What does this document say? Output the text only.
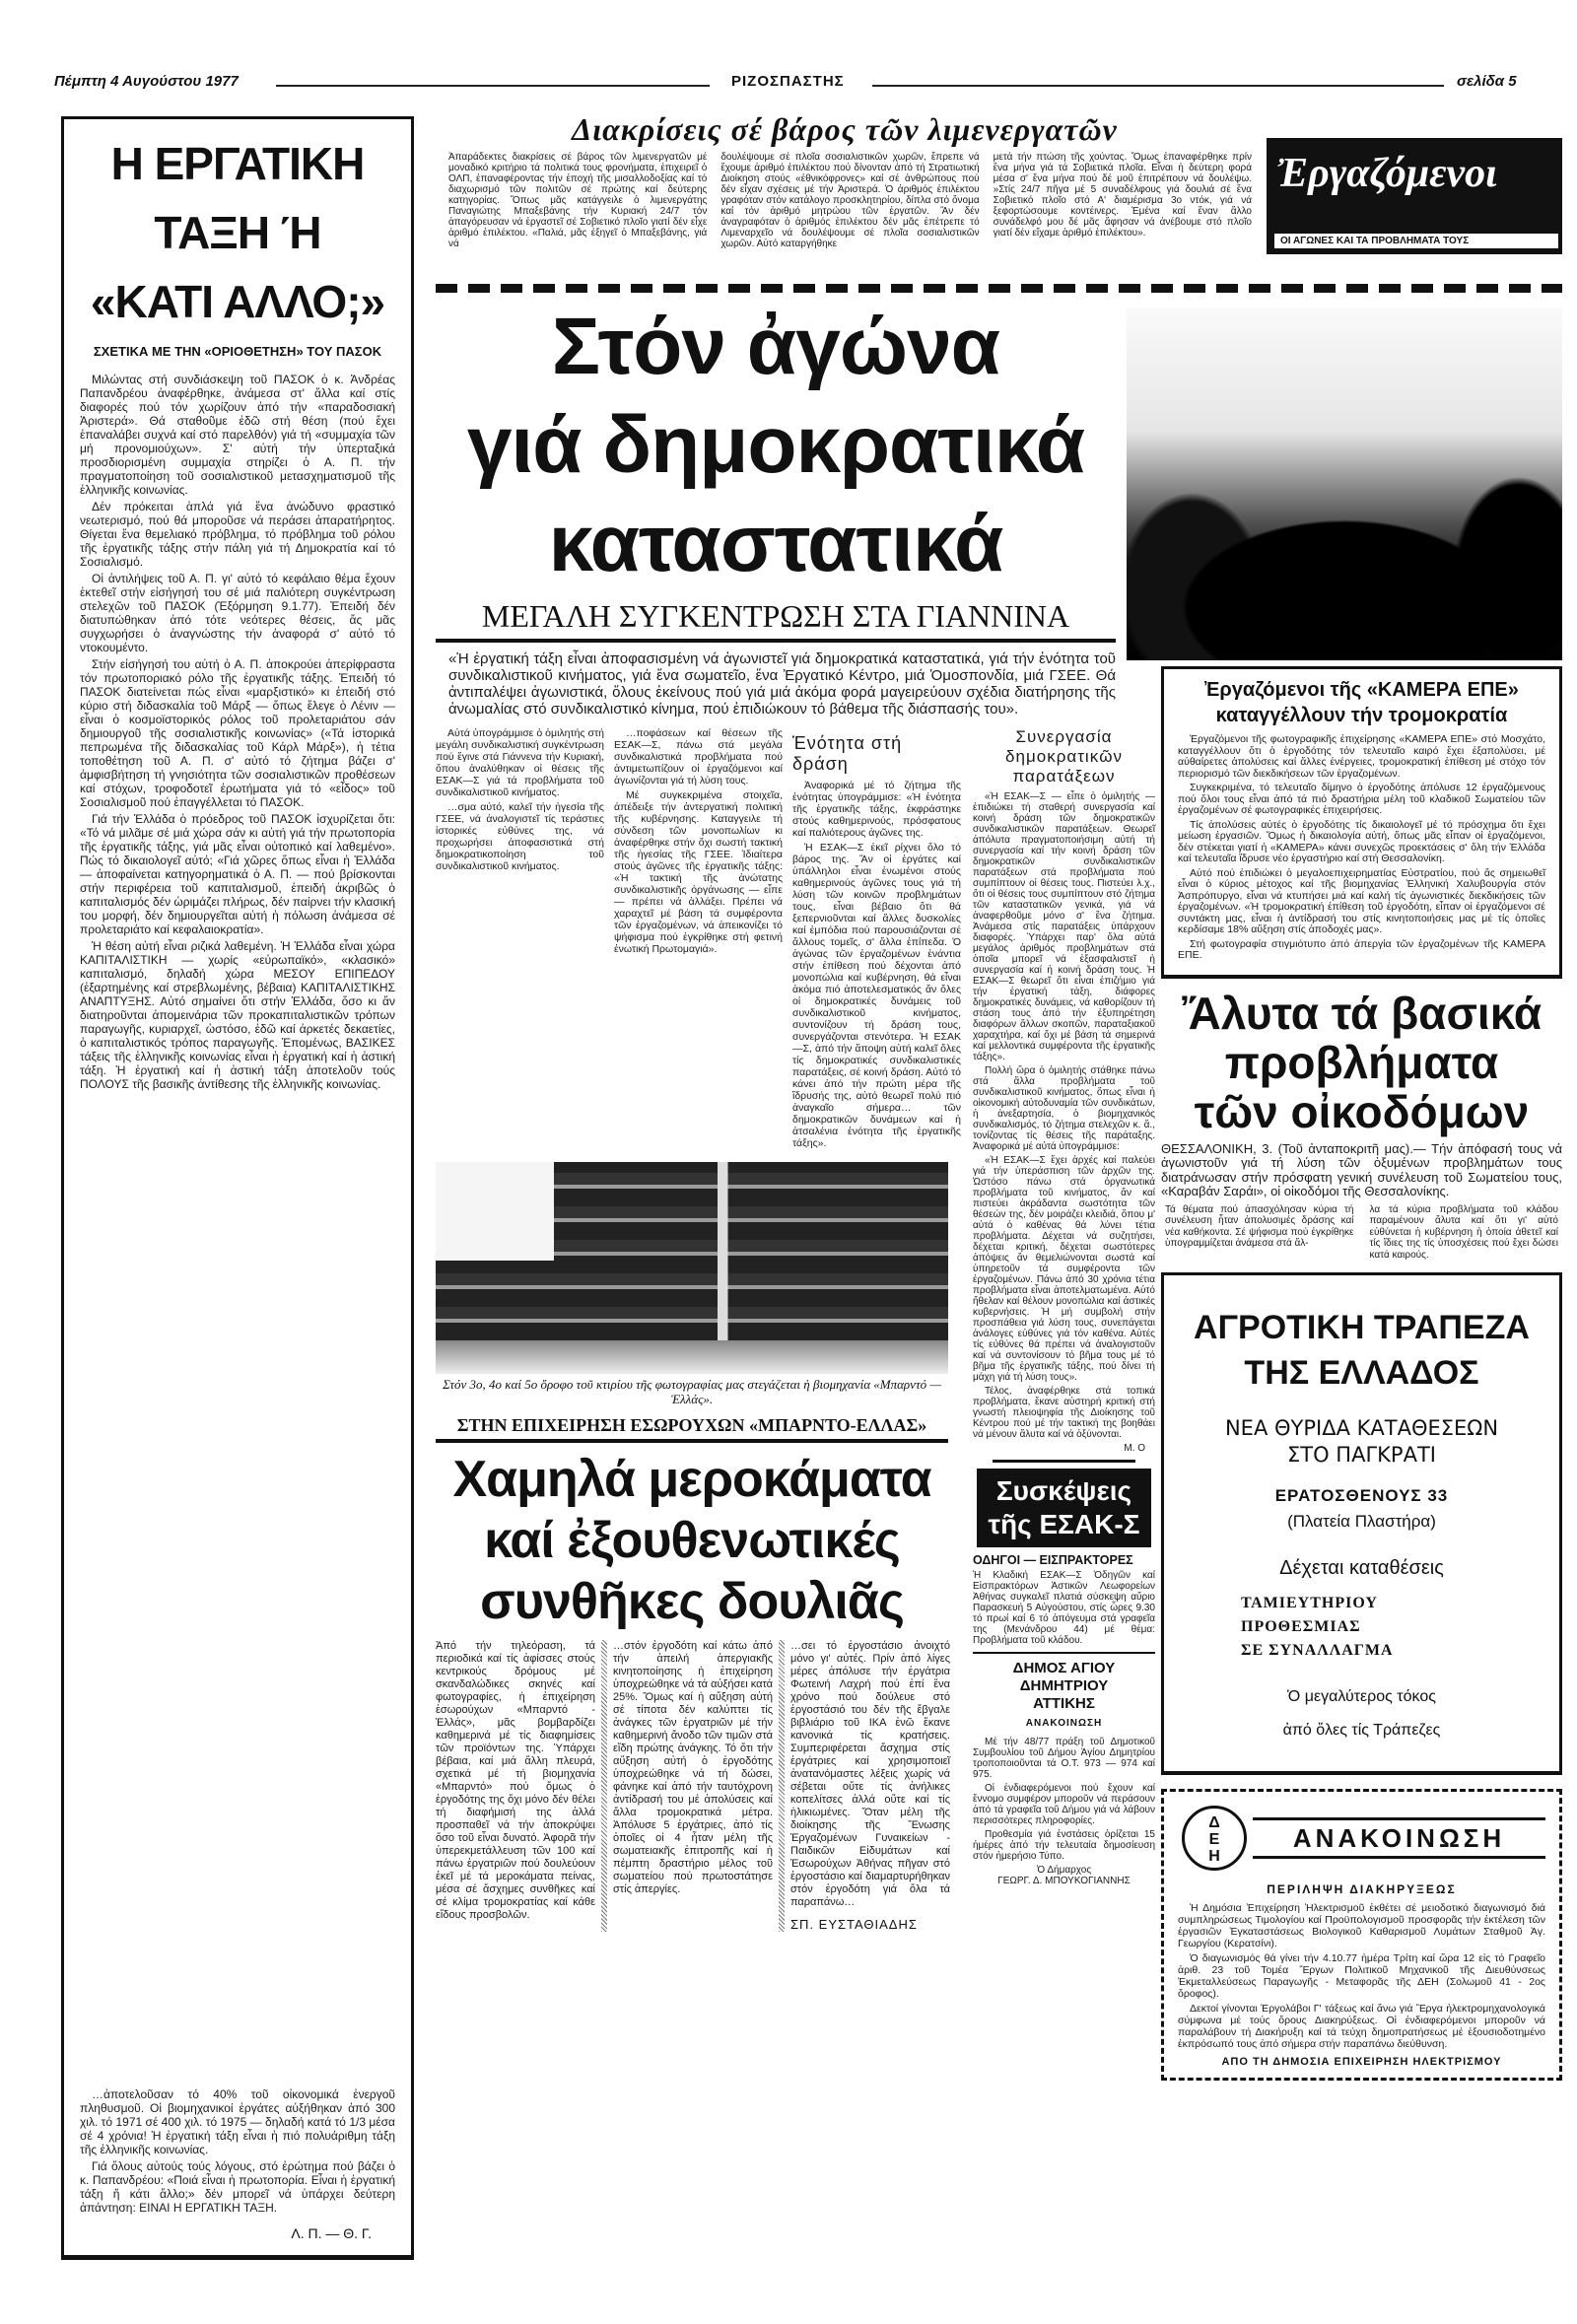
Πέμπτη 4 Αυγούστου 1977	ΡΙΖΟΣΠΑΣΤΗΣ	σελίδα 5
Η ΕΡΓΑΤΙΚΗ
ΤΑΞΗ Ή
«ΚΑΤΙ ΑΛΛΟ;»
ΣΧΕΤΙΚΑ ΜΕ ΤΗΝ «ΟΡΙΟΘΕΤΗΣΗ» ΤΟΥ ΠΑΣΟΚ

Μιλώντας στή συνδιάσκεψη τοῦ ΠΑΣΟΚ ὁ κ. Ἀνδρέας Παπανδρέου ἀναφέρθηκε, ἀνάμεσα στ' ἄλλα καί στίς διαφορές πού τόν χωρίζουν ἀπό τήν «παραδοσιακή Ἀριστερά». Θά σταθοῦμε ἐδῶ στή θέση (πού ἔχει ἐπαναλάβει συχνά καί στό παρελθόν) γιά τή «συμμαχία τῶν μή προνομιούχων». Σ' αὐτή τήν ὑπερταξικά προσδιορισμένη συμμαχία στηρίζει ὁ Α. Π. τήν πραγματοποίηση τοῦ σοσιαλιστικοῦ μετασχηματισμοῦ τῆς ἑλληνικῆς κοινωνίας.

Δέν πρόκειται ἁπλά γιά ἕνα ἀνώδυνο φραστικό νεωτερισμό, πού θά μποροῦσε νά περάσει ἀπαρατήρητος. Θίγεται ἕνα θεμελιακό πρόβλημα, τό πρόβλημα τοῦ ρόλου τῆς ἐργατικῆς τάξης στήν πάλη γιά τή Δημοκρατία καί τό Σοσιαλισμό.

Οἱ ἀντιλήψεις τοῦ Α. Π. γι' αὐτό τό κεφάλαιο θέμα ἔχουν ἐκτεθεῖ στήν εἰσήγησή του σέ μιά παλιότερη συγκέντρωση στελεχῶν τοῦ ΠΑΣΟΚ (Ἑξόρμηση 9.1.77). Ἐπειδή δέν διατυπώθηκαν ἀπό τότε νεότερες θέσεις, ἄς μᾶς συγχωρήσει ὁ ἀναγνώστης τήν ἀναφορά σ' αὐτό τό ντοκουμέντο.

Στήν εἰσήγησή του αὐτή ὁ Α. Π. ἀποκρούει ἀπερίφραστα τόν πρωτοποριακό ρόλο τῆς ἐργατικῆς τάξης. Ἐπειδή τό ΠΑΣΟΚ διατείνεται πώς εἶναι «μαρξιστικό» κι ἐπειδή στό κύριο στή διδασκαλία τοῦ Μάρξ — ὅπως ἔλεγε ὁ Λένιν — εἶναι ὁ κοσμοϊστορικός ρόλος τοῦ προλεταριάτου σάν δημιουργοῦ τῆς σοσιαλιστικῆς κοινωνίας» («Τά ἱστορικά πεπρωμένα τῆς διδασκαλίας τοῦ Κάρλ Μάρξ»), ἡ τέτια τοποθέτηση τοῦ Α. Π. σ' αὐτό τό ζήτημα βάζει σ' ἀμφισβήτηση τή γνησιότητα τῶν σοσιαλιστικῶν προθέσεων καί στόχων, τροφοδοτεῖ ἐρωτήματα γιά τό «εἶδος» τοῦ Σοσιαλισμοῦ πού ἐπαγγέλλεται τό ΠΑΣΟΚ.

Γιά τήν Ἑλλάδα ὁ πρόεδρος τοῦ ΠΑΣΟΚ ἰσχυρίζεται ὅτι: «Τό νά μιλᾶμε σέ μιά χώρα σάν κι αὐτή γιά τήν πρωτοπορία τῆς ἐργατικῆς τάξης, γιά μᾶς εἶναι οὐτοπικό καί λαθεμένο». Πώς τό δικαιολογεῖ αὐτό; «Γιά χῶρες ὅπως εἶναι ἡ Ἑλλάδα — ἀποφαίνεται κατηγορηματικά ὁ Α. Π. — πού βρίσκονται στήν περιφέρεια τοῦ καπιταλισμοῦ, ἐπειδή ἀκριβῶς ὁ καπιταλισμός δέν ὡριμάζει πλήρως, δέν παίρνει τήν κλασική του μορφή, δέν δημιουργεῖται αὐτή ἡ πόλωση ἀνάμεσα σέ προλεταριάτο καί κεφαλαιοκρατία».

Ἡ θέση αὐτή εἶναι ριζικά λαθεμένη. Ἡ Ἑλλάδα εἶναι χώρα ΚΑΠΙΤΑΛΙΣΤΙΚΗ — χωρίς «εὐρωπαϊκό», «κλασικό» καπιταλισμό, δηλαδή χώρα ΜΕΣΟΥ ΕΠΙΠΕΔΟΥ (ἐξαρτημένης καί στρεβλωμένης, βέβαια) ΚΑΠΙΤΑΛΙΣΤΙΚΗΣ ΑΝΑΠΤΥΞΗΣ. Αὐτό σημαίνει ὅτι στήν Ἑλλάδα, ὅσο κι ἄν διατηροῦνται ἀπομεινάρια τῶν προκαπιταλιστικῶν τρόπων παραγωγῆς, κυριαρχεῖ, ὡστόσο, ἐδῶ καί ἀρκετές δεκαετίες, ὁ καπιταλιστικός τρόπος παραγωγῆς. Ἑπομένως, ΒΑΣΙΚΕΣ τάξεις τῆς ἑλληνικῆς κοινωνίας εἶναι ἡ ἐργατική καί ἡ ἀστική τάξη. Ἡ ἐργατική καί ἡ ἀστική τάξη ἀποτελοῦν τούς ΠΟΛΟΥΣ τῆς βασικῆς ἀντίθεσης τῆς ἑλληνικῆς κοινωνίας.

…ἀποτελοῦσαν τό 40% τοῦ οἰκονομικά ἐνεργοῦ πληθυσμοῦ. Οἱ βιομηχανικοί ἐργάτες αὐξήθηκαν ἀπό 300 χιλ. τό 1971 σέ 400 χιλ. τό 1975 — δηλαδή κατά τό 1/3 μέσα σέ 4 χρόνια! Ἡ ἐργατική τάξη εἶναι ἡ πιό πολυάριθμη τάξη τῆς ἑλληνικῆς κοινωνίας.

Γιά ὅλους αὐτούς τούς λόγους, στό ἐρώτημα πού βάζει ὁ κ. Παπανδρέου: «Ποιά εἶναι ἡ πρωτοπορία. Εἶναι ἡ ἐργατική τάξη ἤ κάτι ἄλλο;» δέν μπορεῖ νά ὑπάρχει δεύτερη ἀπάντηση: ΕΙΝΑΙ Η ΕΡΓΑΤΙΚΗ ΤΑΞΗ.

Λ. Π. — Θ. Γ.
Διακρίσεις σέ βάρος τῶν λιμενεργατῶν
Ἀπαράδεκτες διακρίσεις σέ βάρος τῶν λιμενεργατῶν μέ μοναδικό κριτήριο τά πολιτικά τους φρονήματα, ἐπιχειρεῖ ὁ ΟΛΠ, ἐπαναφέροντας τήν ἐποχή τῆς μισαλλοδοξίας καί τό διαχωρισμό τῶν πολιτῶν σέ πρώτης καί δεύτερης κατηγορίας. Ὅπως μᾶς κατάγγειλε ὁ λιμενεργάτης Παναγιώτης Μπαξεβάνης τήν Κυριακή 24/7 τόν ἀπαγόρευσαν νά ἐργαστεῖ σέ Σοβιετικό πλοῖο γιατί δέν εἶχε ἀριθμό ἐπιλέκτου. «Παλιά, μᾶς ἐξηγεῖ ὁ Μπαξεβάνης, γιά νά
δουλέψουμε σέ πλοῖα σοσιαλιστικῶν χωρῶν, ἔπρεπε νά ἔχουμε ἀριθμό ἐπιλέκτου πού δίνονταν ἀπό τή Στρατιωτική Διοίκηση στούς «ἐθνικόφρονες» καί σέ ἀνθρώπους πού δέν εἶχαν σχέσεις μέ τήν Ἀριστερά. Ὁ ἀριθμός ἐπιλέκτου γραφόταν στόν κατάλογο προσκλητηρίου, δίπλα στό ὄνομα καί τόν ἀριθμό μητρώου τῶν ἐργατῶν. Ἄν δέν ἀναγραφόταν ὁ ἀριθμός ἐπιλέκτου δέν μᾶς ἐπέτρεπε τό Λιμεναρχεῖο νά δουλέψουμε σέ πλοῖα σοσιαλιστικῶν χωρῶν. Αὐτό καταργήθηκε
μετά τήν πτώση τῆς χούντας. Ὅμως ἐπαναφέρθηκε πρίν ἕνα μήνα γιά τά Σοβιετικά πλοῖα. Εἶναι ἡ δεύτερη φορά μέσα σ' ἕνα μήνα πού δέ μοῦ ἐπιτρέπουν νά δουλέψω. »Στίς 24/7 πῆγα μέ 5 συναδέλφους γιά δουλιά σέ ἕνα Σοβιετικό πλοῖο στό Α' διαμέρισμα 3ο ντόκ, γιά νά ξεφορτώσουμε κοντέινερς. Ἐμένα καί ἕναν ἄλλο συνάδελφό μου δέ μᾶς ἄφησαν νά ἀνέβουμε στό πλοῖο γιατί δέν εἴχαμε ἀριθμό ἐπιλέκτου».
Ἐργαζόμενοι
ΟΙ ΑΓΩΝΕΣ ΚΑΙ ΤΑ ΠΡΟΒΛΗΜΑΤΑ ΤΟΥΣ
Στόν ἀγώνα
γιά δημοκρατικά
καταστατικά
ΜΕΓΑΛΗ ΣΥΓΚΕΝΤΡΩΣΗ ΣΤΑ ΓΙΑΝΝΙΝΑ
«Ἡ ἐργατική τάξη εἶναι ἀποφασισμένη νά ἀγωνιστεῖ γιά δημοκρατικά καταστατικά, γιά τήν ἑνότητα τοῦ συνδικαλιστικοῦ κινήματος, γιά ἕνα σωματεῖο, ἕνα Ἐργατικό Κέντρο, μιά Ὁμοσπονδία, μιά ΓΣΕΕ. Θά ἀντιπαλέψει ἀγωνιστικά, ὅλους ἐκείνους πού γιά μιά ἀκόμα φορά μαγειρεύουν σχέδια διατήρησης τῆς ἀνωμαλίας στό συνδικαλιστικό κίνημα, πού ἐπιδιώκουν τό βάθεμα τῆς διάσπασής του».

Αὐτά ὑπογράμμισε ὁ ὁμιλητής στή μεγάλη συνδικαλιστική συγκέντρωση πού ἔγινε στά Γιάννενα τήν Κυριακή, ὅπου ἀναλύθηκαν οἱ θέσεις τῆς ΕΣΑΚ—Σ γιά τά προβλήματα τοῦ συνδικαλιστικοῦ κινήματος.

…σμα αὐτό, καλεῖ τήν ἡγεσία τῆς ΓΣΕΕ, νά ἀναλογιστεῖ τίς τεράστιες ἱστορικές εὐθύνες της, νά προχωρήσει ἀποφασιστικά στή δημοκρατικοποίηση τοῦ συνδικαλιστικοῦ κινήματος.

…ποφάσεων καί θέσεων τῆς ΕΣΑΚ—Σ, πάνω στά μεγάλα συνδικαλιστικά προβλήματα πού ἀντιμετωπίζουν οἱ ἐργαζόμενοι καί ἀγωνίζονται γιά τή λύση τους.

Μέ συγκεκριμένα στοιχεῖα, ἀπέδειξε τήν ἀντεργατική πολιτική τῆς κυβέρνησης. Καταγγειλε τή σύνδεση τῶν μονοπωλίων κι ἀναφέρθηκε στήν ὄχι σωστή τακτική τῆς ἡγεσίας τῆς ΓΣΕΕ. Ἰδιαίτερα στούς ἀγῶνες τῆς ἐργατικῆς τάξης: «Ἡ τακτική τῆς ἀνώτατης συνδικαλιστικῆς ὀργάνωσης — εἶπε — πρέπει νά ἀλλάξει. Πρέπει νά χαραχτεῖ μέ βάση τά συμφέροντα τῶν ἐργαζομένων, νά ἀπεικονίζει τό ψήφισμα πού ἐγκρίθηκε στή φετινή ἑνωτική Πρωτομαγιά».

Ἑνότητα στή δράση

Ἀναφορικά μέ τό ζήτημα τῆς ἑνότητας ὑπογράμμισε: «Ἡ ἑνότητα τῆς ἐργατικῆς τάξης, ἐκφράστηκε στούς καθημερινούς, πρόσφατους καί παλιότερους ἀγῶνες της.

Ἡ ΕΣΑΚ—Σ ἐκεῖ ρίχνει ὅλο τό βάρος της. Ἄν οἱ ἐργάτες καί ὑπάλληλοι εἶναι ἑνωμένοι στούς καθημερινούς ἀγῶνες τους γιά τή λύση τῶν κοινῶν προβλημάτων τους, εἶναι βέβαιο ὅτι θά ξεπερνιοῦνται καί ἄλλες δυσκολίες καί ἐμπόδια πού παρουσιάζονται σέ ἄλλους τομεῖς, σ' ἄλλα ἐπίπεδα. Ὁ ἀγώνας τῶν ἐργαζομένων ἐνάντια στήν ἐπίθεση πού δέχονται ἀπό μονοπώλια καί κυβέρνηση, θά εἶναι ἀκόμα πιό ἀποτελεσματικός ἄν ὅλες οἱ δημοκρατικές δυνάμεις τοῦ συνδικαλιστικοῦ κινήματος, συντονίζουν τή δράση τους, συνεργάζονται στενότερα. Ἡ ΕΣΑΚ—Σ, ἀπό τήν ἄποψη αὐτή καλεῖ ὅλες τίς δημοκρατικές συνδικαλιστικές παρατάξεις, σέ κοινή δράση. Αὐτό τό κάνει ἀπό τήν πρώτη μέρα τῆς ἵδρυσής της, αὐτό θεωρεῖ πολύ πιό ἀναγκαῖο σήμερα… τῶν δημοκρατικῶν δυνάμεων καί ἡ ἀτσαλένια ἑνότητα τῆς ἐργατικῆς τάξης».

Στόν 3ο, 4ο καί 5ο ὄροφο τοῦ κτιρίου τῆς φωτογραφίας μας στεγάζεται ἡ βιομηχανία «Μπαρντό — Ἑλλάς».
ΣΤΗΝ ΕΠΙΧΕΙΡΗΣΗ ΕΣΩΡΟΥΧΩΝ «ΜΠΑΡΝΤΟ-ΕΛΛΑΣ»
Χαμηλά μεροκάματα
καί ἐξουθενωτικές
συνθῆκες δουλιᾶς
Ἀπό τήν τηλεόραση, τά περιοδικά καί τίς ἀφίσσες στούς κεντρικούς δρόμους μέ σκανδαλώδικες σκηνές καί φωτογραφίες, ἡ ἐπιχείρηση ἐσωρούχων «Μπαρντό - Ἑλλάς», μᾶς βομβαρδίζει καθημερινά μέ τίς διαφημίσεις τῶν προϊόντων της. Ὑπάρχει βέβαια, καί μιά ἄλλη πλευρά, σχετικά μέ τή βιομηχανία «Μπαρντό» πού ὅμως ὁ ἐργοδότης της ὄχι μόνο δέν θέλει τή διαφήμισή της ἀλλά προσπαθεῖ νά τήν ἀποκρύψει ὅσο τοῦ εἶναι δυνατό. Ἀφορᾶ τήν ὑπερεκμετάλλευση τῶν 100 καί πάνω ἐργατριῶν πού δουλεύουν ἐκεῖ μέ τά μεροκάματα πείνας, μέσα σέ ἄσχημες συνθῆκες καί σέ κλίμα τρομοκρατίας καί κάθε εἴδους προσβολῶν.
…στόν ἐργοδότη καί κάτω ἀπό τήν ἀπειλή ἀπεργιακῆς κινητοποίησης ἡ ἐπιχείρηση ὑποχρεώθηκε νά τά αὐξήσει κατά 25%. Ὅμως καί ἡ αὔξηση αὐτή σέ τίποτα δέν καλύπτει τίς ἀνάγκες τῶν ἐργατριῶν μέ τήν καθημερινή ἄνοδο τῶν τιμῶν στά εἴδη πρώτης ἀνάγκης. Τό ὅτι τήν αὔξηση αὐτή ὁ ἐργοδότης ὑποχρεώθηκε νά τή δώσει, φάνηκε καί ἀπό τήν ταυτόχρονη ἀντίδρασή του μέ ἀπολύσεις καί ἄλλα τρομοκρατικά μέτρα. Ἀπόλυσε 5 ἐργάτριες, ἀπό τίς ὁποῖες οἱ 4 ἦταν μέλη τῆς σωματειακῆς ἐπιτροπῆς καί ἡ πέμπτη δραστήριο μέλος τοῦ σωματείου πού πρωτοστάτησε στίς ἀπεργίες.
…σει τό ἐργοστάσιο ἀνοιχτό μόνο γι' αὐτές. Πρίν ἀπό λίγες μέρες ἀπόλυσε τήν ἐργάτρια Φωτεινή Λαχρή πού ἐπί ἕνα χρόνο πού δούλευε στό ἐργοστάσιό του δέν τῆς ἔβγαλε βιβλιάριο τοῦ ΙΚΑ ἐνῶ ἔκανε κανονικά τίς κρατήσεις. Συμπεριφέρεται ἄσχημα στίς ἐργάτριες καί χρησιμοποιεῖ ἀνατανόμαστες λέξεις χωρίς νά σέβεται οὔτε τίς ἀνήλικες κοπελίτσες ἀλλά οὔτε καί τίς ἡλικιωμένες. Ὅταν μέλη τῆς διοίκησης τῆς Ἕνωσης Ἐργαζομένων Γυναικείων - Παιδικῶν Εἰδυμάτων καί Ἐσωρούχων Ἀθήνας πῆγαν στό ἐργοστάσιο καί διαμαρτυρήθηκαν στόν ἐργοδότη γιά ὅλα τά παραπάνω…
ΣΠ. ΕΥΣΤΑΘΙΑΔΗΣ
Συνεργασία δημοκρατικῶν παρατάξεων

«Ἡ ΕΣΑΚ—Σ — εἶπε ὁ ὁμιλητής — ἐπιδιώκει τή σταθερή συνεργασία καί κοινή δράση τῶν δημοκρατικῶν συνδικαλιστικῶν παρατάξεων. Θεωρεῖ ἀπόλυτα πραγματοποιήσιμη αὐτή τή συνεργασία καί τήν κοινή δράση τῶν δημοκρατικῶν συνδικαλιστικῶν παρατάξεων στά προβλήματα πού συμπίπτουν οἱ θέσεις τους. Πιστεύει λ.χ., ὅτι οἱ θέσεις τους συμπίπτουν στό ζήτημα τῶν καταστατικῶν γενικά, γιά νά ἀναφερθοῦμε μόνο σ' ἕνα ζήτημα. Ἀνάμεσα στίς παρατάξεις ὑπάρχουν διαφορές. Ὑπάρχει παρ' ὅλα αὐτά μεγάλος ἀριθμός προβλημάτων στά ὁποῖα μπορεῖ νά ἐξασφαλιστεῖ ἡ συνεργασία καί ἡ κοινή δράση τους. Ἡ ΕΣΑΚ—Σ θεωρεῖ ὅτι εἶναι ἐπιζήμιο γιά τήν ἐργατική τάξη, διάφορες δημοκρατικές δυνάμεις, νά καθορίζουν τή στάση τους ἀπό τήν ἐξυπηρέτηση διαφόρων ἄλλων σκοπῶν, παραταξιακοῦ χαραχτήρα, καί ὄχι μέ βάση τά σημερινά καί μελλοντικά συμφέροντα τῆς ἐργατικῆς τάξης».

Πολλή ὥρα ὁ ὁμιλητής στάθηκε πάνω στά ἄλλα προβλήματα τοῦ συνδικαλιστικοῦ κινήματος, ὅπως εἶναι ἡ οἰκονομική αὐτοδυναμία τῶν συνδικάτων, ἡ ἀνεξαρτησία, ὁ βιομηχανικός συνδικαλισμός, τό ζήτημα στελεχῶν κ. ἄ., τονίζοντας τίς θέσεις τῆς παράταξης. Ἀναφορικά μέ αὐτά ὑπογράμμισε:

«Ἡ ΕΣΑΚ—Σ ἔχει ἀρχές καί παλεύει γιά τήν ὑπεράσπιση τῶν ἀρχῶν της. Ὡστόσο πάνω στά ὀργανωτικά προβλήματα τοῦ κινήματος, ἄν καί πιστεύει ἀκράδαντα σωστότητα τῶν θέσεών της, δέν μοιράζει κλειδιά, ὅπου μ' αὐτά ὁ καθένας θά λύνει τέτια προβλήματα. Δέχεται νά συζητήσει, δέχεται κριτική, δέχεται σωστότερες ἀπόψεις ἄν θεμελιώνονται σωστά καί ὑπηρετοῦν τά συμφέροντα τῶν ἐργαζομένων. Πάνω ἀπό 30 χρόνια τέτια προβλήματα εἶναι ἀποτελματωμένα. Αὐτό ἤθελαν καί θέλουν μονοπώλια καί ἀστικές κυβερνήσεις. Ἡ μή συμβολή στήν προσπάθεια γιά λύση τους, συνεπάγεται ἀνάλογες εὐθύνες γιά τόν καθένα. Αὐτές τίς εὐθύνες θά πρέπει νά ἀναλογιστοῦν καί νά συντονίσουν τό βῆμα τους μέ τό βῆμα τῆς ἐργατικῆς τάξης, πού δίνει τή μάχη γιά τή λύση τους».

Τέλος, ἀναφέρθηκε στά τοπικά προβλήματα, ἔκανε αὐστηρή κριτική στή γνωστή πλειοψηφία τῆς Διοίκησης τοῦ Κέντρου πού μέ τήν τακτική της βοηθάει νά μένουν ἄλυτα καί νά ὀξύνονται.

Μ. Ο
Συσκέψεις
τῆς ΕΣΑΚ-Σ
ΟΔΗΓΟΙ — ΕΙΣΠΡΑΚΤΟΡΕΣ
Ἡ Κλαδική ΕΣΑΚ—Σ Ὁδηγῶν καί Εἰσπρακτόρων Ἀστικῶν Λεωφορείων Ἀθήνας συγκαλεῖ πλατιά σύσκεψη αὔριο Παρασκευή 5 Αὐγούστου, στίς ὧρες 9.30 τό πρωί καί 6 τό ἀπόγευμα στά γραφεῖα της (Μενάνδρου 44) μέ θέμα: Προβλήματα τοῦ κλάδου.
ΔΗΜΟΣ ΑΓΙΟΥ ΔΗΜΗΤΡΙΟΥ
ΑΤΤΙΚΗΣ
ΑΝΑΚΟΙΝΩΣΗ

Μέ τήν 48/77 πράξη τοῦ Δημοτικοῦ Συμβουλίου τοῦ Δήμου Ἁγίου Δημητρίου τροποποιοῦνται τά Ο.Τ. 973 — 974 καί 975.

Οἱ ἐνδιαφερόμενοι πού ἔχουν καί ἔννομο συμφέρον μποροῦν νά περάσουν ἀπό τά γραφεῖα τοῦ Δήμου γιά νά λάβουν περισσότερες πληροφορίες.

Προθεσμία γιά ἐνστάσεις ὁρίζεται 15 ἡμέρες ἀπό τήν τελευταία δημοσίευση στόν ἡμερήσιο Τύπο.

Ὁ Δήμαρχος
ΓΕΩΡΓ. Δ. ΜΠΟΥΚΟΓΙΑΝΝΗΣ
Ἐργαζόμενοι τῆς «ΚΑΜΕΡΑ ΕΠΕ»
καταγγέλλουν τήν τρομοκρατία

Ἐργαζόμενοι τῆς φωτογραφικῆς ἐπιχείρησης «ΚΑΜΕΡΑ ΕΠΕ» στό Μοσχάτο, καταγγέλλουν ὅτι ὁ ἐργοδότης τόν τελευταῖο καιρό ἔχει ἐξαπολύσει, μέ αὐθαίρετες ἀπολύσεις καί ἄλλες ἐνέργειες, τρομοκρατική ἐπίθεση μέ στόχο τόν περιορισμό τῶν διεκδικήσεων τῶν ἐργαζομένων.

Συγκεκριμένα, τό τελευταῖο δίμηνο ὁ ἐργοδότης ἀπόλυσε 12 ἐργαζόμενους πού ὅλοι τους εἶναι ἀπό τά πιό δραστήρια μέλη τοῦ κλαδικοῦ Σωματείου τῶν ἐργαζομένων σέ φωτογραφικές ἐπιχειρήσεις.

Τίς ἀπολύσεις αὐτές ὁ ἐργοδότης τίς δικαιολογεῖ μέ τό πρόσχημα ὅτι ἔχει μείωση ἐργασιῶν. Ὅμως ἡ δικαιολογία αὐτή, ὅπως μᾶς εἶπαν οἱ ἐργαζόμενοι, δέν στέκεται γιατί ἡ «ΚΑΜΕΡΑ» κάνει συνεχῶς προεκτάσεις σ' ὅλη τήν Ἑλλάδα καί τελευταῖα ἵδρυσε νέο ἐργαστήριο καί στή Θεσσαλονίκη.

Αὐτό πού ἐπιδιώκει ὁ μεγαλοεπιχειρηματίας Εὐστρατίου, πού ἄς σημειωθεῖ εἶναι ὁ κύριος μέτοχος καί τῆς βιομηχανίας Ἑλληνική Χαλυβουργία στόν Ἀσπρόπυργο, εἶναι νά κτυπήσει μιά καί καλή τίς ἀγωνιστικές διεκδικήσεις τῶν ἐργαζομένων. «Ἡ τρομοκρατική ἐπίθεση τοῦ ἐργοδότη, εἶπαν οἱ ἐργαζόμενοι σέ συντάκτη μας, εἶναι ἡ ἀντίδρασή του στίς κινητοποιήσεις μας μέ τίς ὁποῖες κερδίσαμε 18% αὔξηση στίς ἀποδοχές μας».

Στή φωτογραφία στιγμιότυπο ἀπό ἀπεργία τῶν ἐργαζομένων τῆς ΚΑΜΕΡΑ ΕΠΕ.

Ἄλυτα τά βασικά
προβλήματα
τῶν οἰκοδόμων
ΘΕΣΣΑΛΟΝΙΚΗ, 3. (Τοῦ ἀνταποκριτῆ μας).— Τήν ἀπόφασή τους νά ἀγωνιστοῦν γιά τή λύση τῶν ὀξυμένων προβλημάτων τους διατράνωσαν στήν πρόσφατη γενική συνέλευση τοῦ Σωματείου τους, «Καραβάν Σαράι», οἱ οἰκοδόμοι τῆς Θεσσαλονίκης.
Τά θέματα πού ἀπασχόλησαν κύρια τή συνέλευση ἦταν ἀπολυσιμές δράσης καί νέα καθήκοντα. Σέ ψήφισμα πού ἐγκρίθηκε ὑπογραμμίζεται ἀνάμεσα στά ἄλ-
λα τά κύρια προβλήματα τοῦ κλάδου παραμένουν ἄλυτα καί ὅτι γι' αὐτό εὐθύνεται ἡ κυβέρνηση ἡ ὁποία ἀθετεῖ καί τίς ἴδιες της τίς ὑποσχέσεις πού ἔχει δώσει κατά καιρούς.
ΑΓΡΟΤΙΚΗ ΤΡΑΠΕΖΑ
ΤΗΣ ΕΛΛΑΔΟΣ
ΝΕΑ ΘΥΡΙΔΑ ΚΑΤΑΘΕΣΕΩΝ
ΣΤΟ ΠΑΓΚΡΑΤΙ
ΕΡΑΤΟΣΘΕΝΟΥΣ 33
(Πλατεία Πλαστήρα)
Δέχεται καταθέσεις
ΤΑΜΙΕΥΤΗΡΙΟΥ
ΠΡΟΘΕΣΜΙΑΣ
ΣΕ ΣΥΝΑΛΛΑΓΜΑ
Ὁ μεγαλύτερος τόκος
ἀπό ὅλες τίς Τράπεζες
Δ
Ε
Η
ΑΝΑΚΟΙΝΩΣΗ
ΠΕΡΙΛΗΨΗ ΔΙΑΚΗΡΥΞΕΩΣ

Ἡ Δημόσια Ἐπιχείρηση Ἡλεκτρισμοῦ ἐκθέτει σέ μειοδοτικό διαγωνισμό διά συμπληρώσεως Τιμολογίου καί Προϋπολογισμοῦ προσφορᾶς τήν ἐκτέλεση τῶν ἐργασιῶν Ἐγκαταστάσεως Βιολογικοῦ Καθαρισμοῦ Λυμάτων Σταθμοῦ Ἁγ. Γεωργίου (Κερατσίνι).

Ὁ διαγωνισμός θά γίνει τήν 4.10.77 ἡμέρα Τρίτη καί ὥρα 12 εἰς τό Γραφεῖο ἀριθ. 23 τοῦ Τομέα Ἔργων Πολιτικοῦ Μηχανικοῦ τῆς Διευθύνσεως Ἐκμεταλλεύσεως Παραγωγῆς - Μεταφορᾶς τῆς ΔΕΗ (Σολωμοῦ 41 - 2ος ὄροφος).

Δεκτοί γίνονται Ἐργολάβοι Γ' τάξεως καί ἄνω γιά Ἔργα ἠλεκτρομηχανολογικά σύμφωνα μέ τούς ὅρους Διακηρύξεως. Οἱ ἐνδιαφερόμενοι μποροῦν νά παραλάβουν τή Διακήρυξη καί τά τεύχη δημοπρατήσεως μέ ἐξουσιοδοτημένο ἐκπρόσωπό τους ἀπό σήμερα στήν παραπάνω διεύθυνση.

ΑΠΟ ΤΗ ΔΗΜΟΣΙΑ ΕΠΙΧΕΙΡΗΣΗ ΗΛΕΚΤΡΙΣΜΟΥ
